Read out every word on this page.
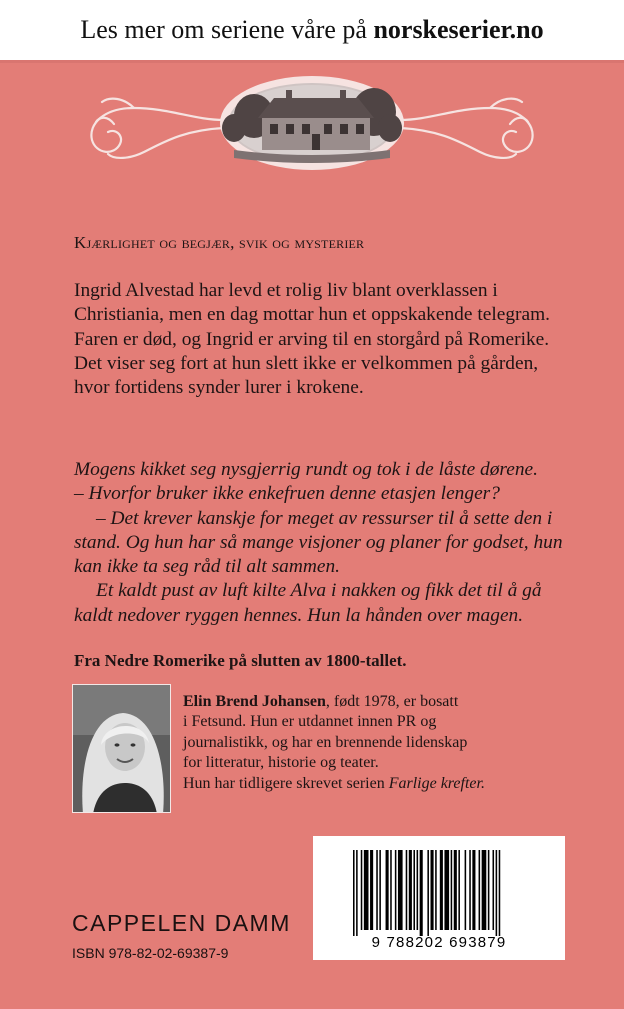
Les mer om seriene våre på
norskeserier.no
Kjærlighet og begjær, svik og mysterier

Ingrid Alvestad har levd et rolig liv blant overklassen i

Christiania, men en dag mottar hun et oppskakende telegram.

Faren er død, og Ingrid er arving til en storgård på Romerike.

Det viser seg fort at hun slett ikke er velkommen på gården,

hvor fortidens synder lurer i krokene.

Mogens kikket seg nysgjerrig rundt og tok i de låste dørene.

– Hvorfor bruker ikke enkefruen denne etasjen lenger?

– Det krever kanskje for meget av ressurser til å sette den i

stand. Og hun har så mange visjoner og planer for godset, hun

kan ikke ta seg råd til alt sammen.

Et kaldt pust av luft kilte Alva i nakken og fikk det til å gå

kaldt nedover ryggen hennes. Hun la hånden over magen.

Fra Nedre Romerike på slutten av 1800-tallet.

Elin Brend Johansen, født 1978, er bosatt

i Fetsund. Hun er utdannet innen PR og

journalistikk, og har en brennende lidenskap

for litteratur, historie og teater.

Hun har tidligere skrevet serien Farlige krefter.

9 788202 693879
CAPPELEN DAMM
ISBN 978-82-02-69387-9
